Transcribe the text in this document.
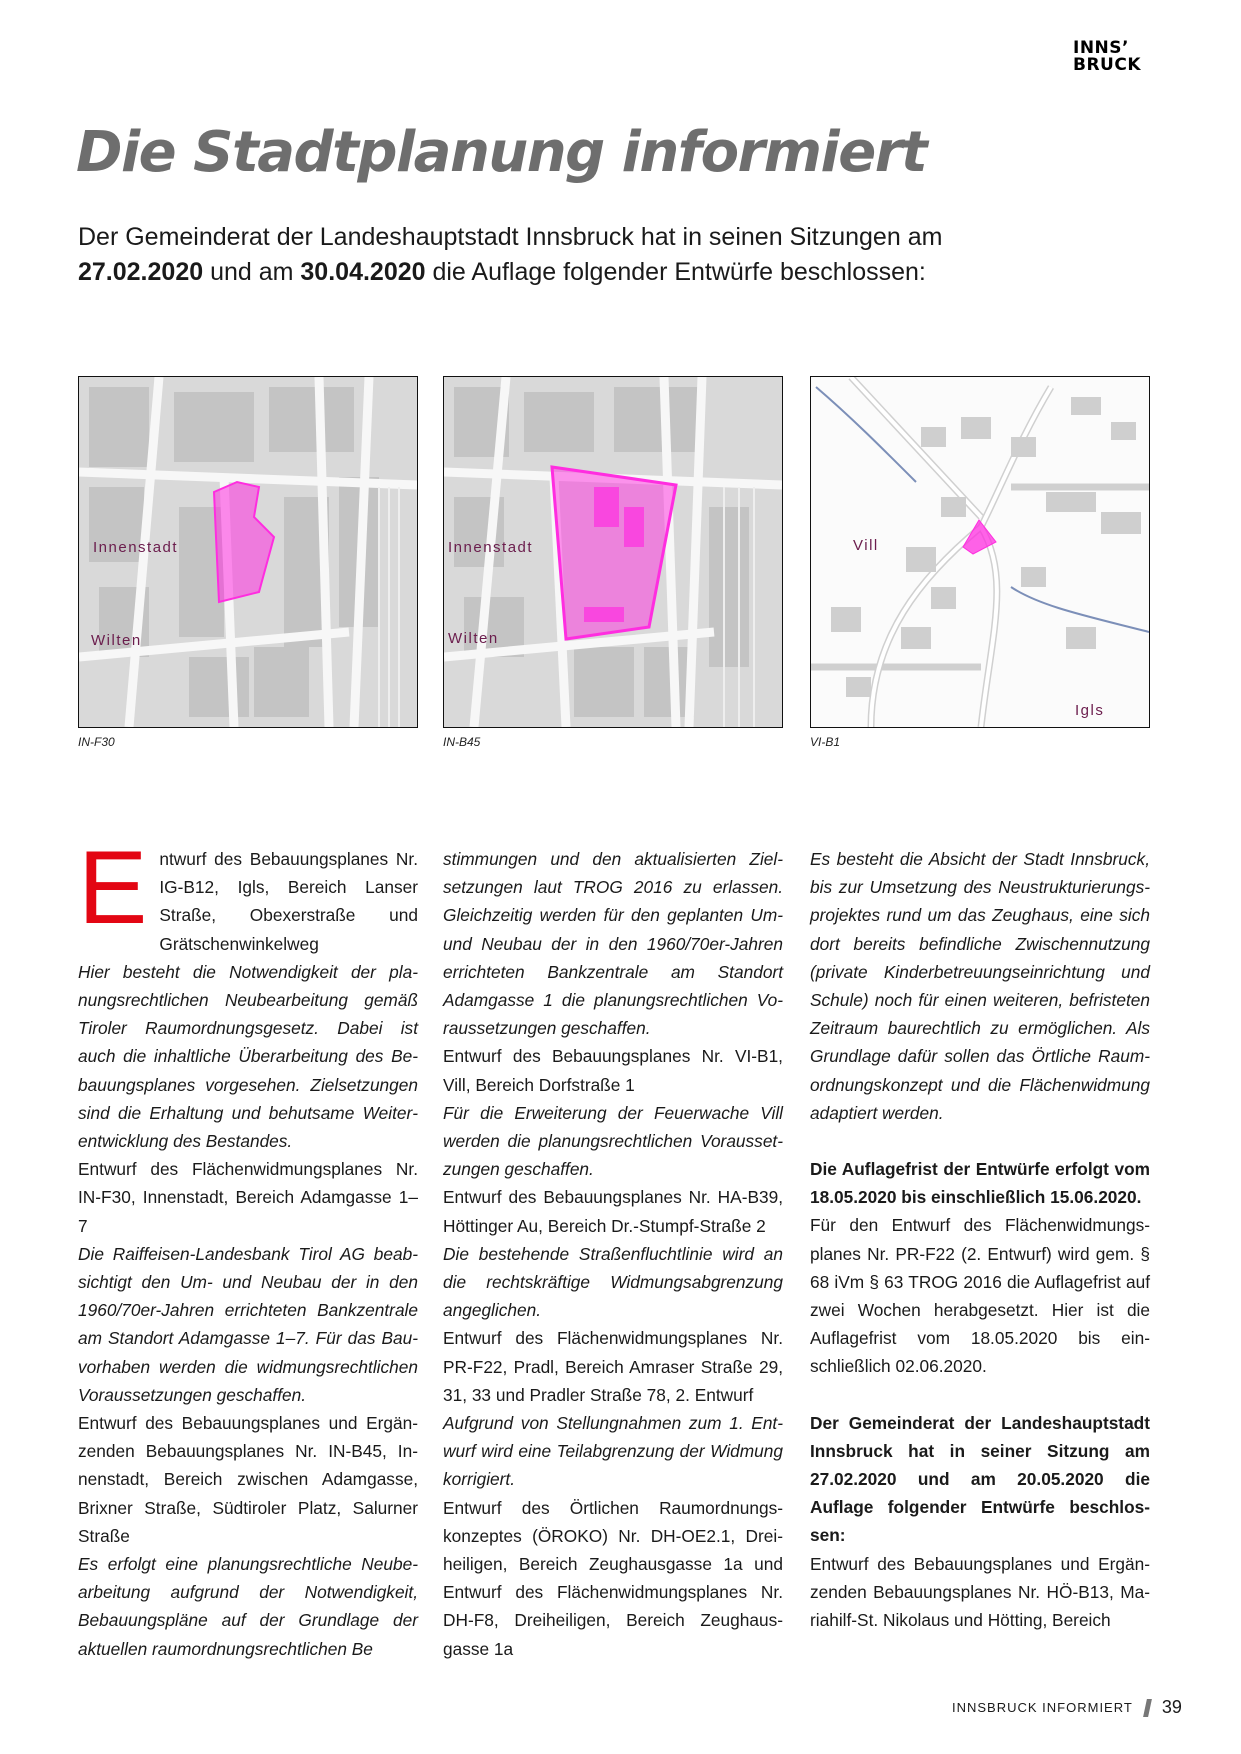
INNS’
BRUCK
Die Stadtplanung informiert

Der Gemeinderat der Landeshauptstadt Innsbruck hat in seinen Sitzungen am
27.02.2020 und am 30.04.2020 die Auflage folgender Entwürfe beschlossen:

Innenstadt
Wilten
IN-F30
Innenstadt
Wilten
IN-B45
Vill
Igls
VI-B1

Entwurf des Bebauungsplanes Nr. IG-B12, Igls, Bereich Lanser Straße, Obexerstraße und Grätschenwinkelweg

Hier besteht die Notwendigkeit der planungsrechtlichen Neubearbeitung gemäß Tiroler Raumordnungsgesetz. Dabei ist auch die inhaltliche Überarbeitung des Bebauungsplanes vorgesehen. Zielsetzungen sind die Erhaltung und behutsame Weiterentwicklung des Bestandes.

Entwurf des Flächenwidmungsplanes Nr. IN-F30, Innenstadt, Bereich Adamgasse 1–7

Die Raiffeisen-Landesbank Tirol AG beabsichtigt den Um- und Neubau der in den 1960/70er-Jahren errichteten Bankzentrale am Standort Adamgasse 1–7. Für das Bauvorhaben werden die widmungsrechtlichen Voraussetzungen geschaffen.

Entwurf des Bebauungsplanes und Ergänzenden Bebauungsplanes Nr. IN-B45, Innenstadt, Bereich zwischen Adamgasse, Brixner Straße, Südtiroler Platz, Salurner Straße

Es erfolgt eine planungsrechtliche Neubearbeitung aufgrund der Notwendigkeit, Bebauungspläne auf der Grundlage der aktuellen raumordnungsrechtlichen Be

stimmungen und den aktualisierten Zielsetzungen laut TROG 2016 zu erlassen. Gleichzeitig werden für den geplanten Um- und Neubau der in den 1960/70er-Jahren errichteten Bankzentrale am Standort Adamgasse 1 die planungsrechtlichen Voraussetzungen geschaffen.

Entwurf des Bebauungsplanes Nr. VI-B1, Vill, Bereich Dorfstraße 1

Für die Erweiterung der Feuerwache Vill werden die planungsrechtlichen Voraussetzungen geschaffen.

Entwurf des Bebauungsplanes Nr. HA-B39, Höttinger Au, Bereich Dr.-Stumpf-Straße 2

Die bestehende Straßenfluchtlinie wird an die rechtskräftige Widmungsabgrenzung angeglichen.

Entwurf des Flächenwidmungsplanes Nr. PR-F22, Pradl, Bereich Amraser Straße 29, 31, 33 und Pradler Straße 78, 2. Entwurf

Aufgrund von Stellungnahmen zum 1. Entwurf wird eine Teilabgrenzung der Widmung korrigiert.

Entwurf des Örtlichen Raumordnungskonzeptes (ÖROKO) Nr. DH-OE2.1, Dreiheiligen, Bereich Zeughausgasse 1a und Entwurf des Flächenwidmungsplanes Nr. DH-F8, Dreiheiligen, Bereich Zeughausgasse 1a

Es besteht die Absicht der Stadt Innsbruck, bis zur Umsetzung des Neustrukturierungsprojektes rund um das Zeughaus, eine sich dort bereits befindliche Zwischennutzung (private Kinderbetreuungseinrichtung und Schule) noch für einen weiteren, befristeten Zeitraum baurechtlich zu ermöglichen. Als Grundlage dafür sollen das Örtliche Raumordnungskonzept und die Flächenwidmung adaptiert werden.

Die Auflagefrist der Entwürfe erfolgt vom 18.05.2020 bis einschließlich 15.06.2020.

Für den Entwurf des Flächenwidmungsplanes Nr. PR-F22 (2. Entwurf) wird gem. § 68 iVm § 63 TROG 2016 die Auflagefrist auf zwei Wochen herabgesetzt. Hier ist die Auflagefrist vom 18.05.2020 bis einschließlich 02.06.2020.

Der Gemeinderat der Landeshauptstadt Innsbruck hat in seiner Sitzung am 27.02.2020 und am 20.05.2020 die Auflage folgender Entwürfe beschlossen:

Entwurf des Bebauungsplanes und Ergänzenden Bebauungsplanes Nr. HÖ-B13, Mariahilf-St. Nikolaus und Hötting, Bereich

INNSBRUCK INFORMIERT 39
